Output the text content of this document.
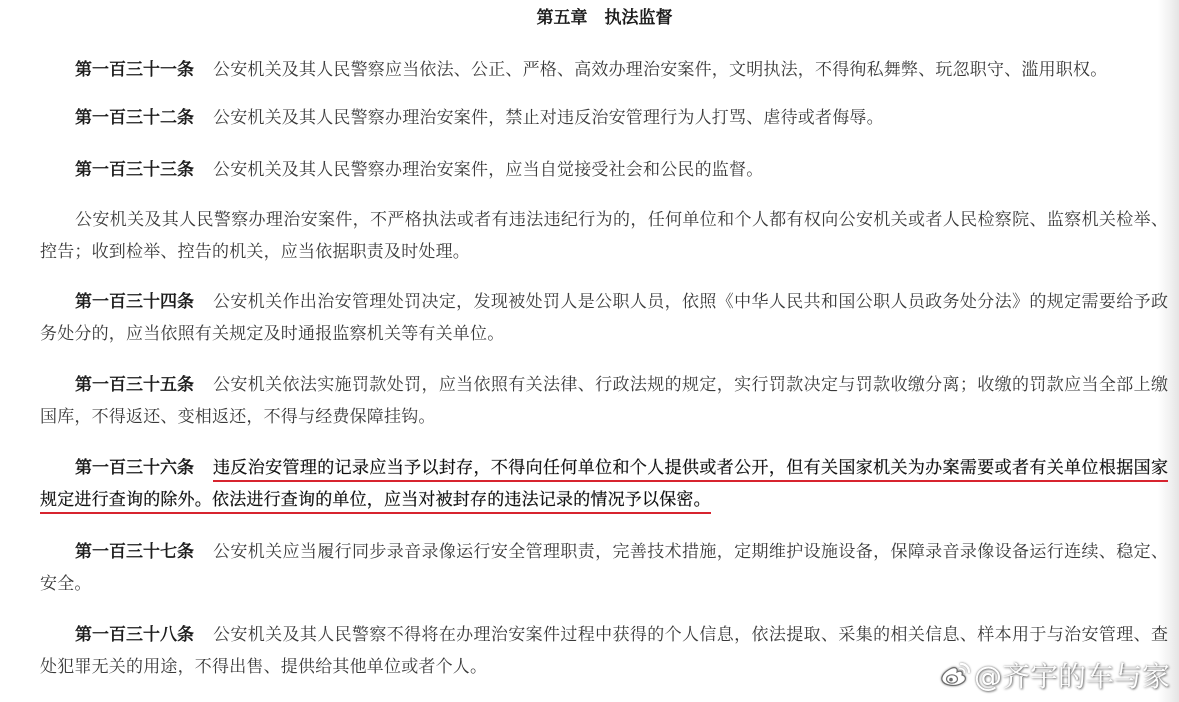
第五章　执法监督
第一百三十一条	公安机关及其人民警察应当依法、公正、严格、高效办理治安案件，文明执法，不得徇私舞弊、玩忽职守、滥用职权。
第一百三十二条	公安机关及其人民警察办理治安案件，禁止对违反治安管理行为人打骂、虐待或者侮辱。
第一百三十三条	公安机关及其人民警察办理治安案件，应当自觉接受社会和公民的监督。
公安机关及其人民警察办理治安案件，不严格执法或者有违法违纪行为的，任何单位和个人都有权向公安机关或者人民检察院、监察机关检举、
控告；收到检举、控告的机关，应当依据职责及时处理。
第一百三十四条	公安机关作出治安管理处罚决定，发现被处罚人是公职人员，依照《中华人民共和国公职人员政务处分法》的规定需要给予政
务处分的，应当依照有关规定及时通报监察机关等有关单位。
第一百三十五条	公安机关依法实施罚款处罚，应当依照有关法律、行政法规的规定，实行罚款决定与罚款收缴分离；收缴的罚款应当全部上缴
国库，不得返还、变相返还，不得与经费保障挂钩。
第一百三十六条	违反治安管理的记录应当予以封存，不得向任何单位和个人提供或者公开，但有关国家机关为办案需要或者有关单位根据国家
规定进行查询的除外。依法进行查询的单位，应当对被封存的违法记录的情况予以保密。
第一百三十七条	公安机关应当履行同步录音录像运行安全管理职责，完善技术措施，定期维护设施设备，保障录音录像设备运行连续、稳定、
安全。
第一百三十八条	公安机关及其人民警察不得将在办理治安案件过程中获得的个人信息，依法提取、采集的相关信息、样本用于与治安管理、查
处犯罪无关的用途，不得出售、提供给其他单位或者个人。	@齐宇的车与家
